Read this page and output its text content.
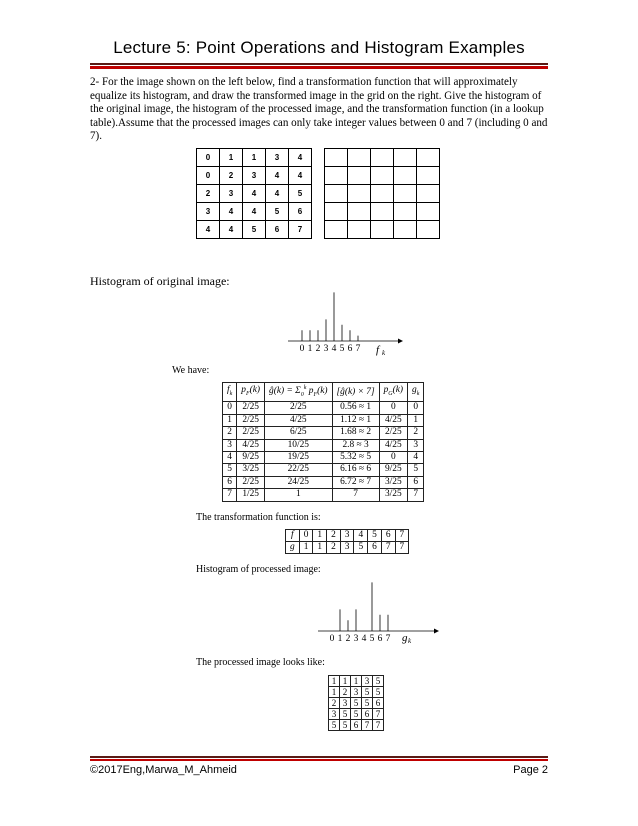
Lecture 5: Point Operations and Histogram Examples
2- For the image shown on the left below, find a transformation function that will approximately equalize its histogram, and draw the transformed image in the grid on the right. Give the histogram of the original image, the histogram of the processed image, and the transformation function (in a lookup table).Assume that the processed images can only take integer values between 0 and 7 (including 0 and 7).
0	1	1	3	4
0	2	3	4	4
2	3	4	4	5
3	4	4	5	6
4	4	5	6	7

Histogram of original image:
0 1 2 3 4 5 6 7 f k
We have:
$f_k$	$p_F(k)$	ĝ(k) = $\Sigma_0^k$ $p_F(k)$	[ĝ(k) × 7]	$p_G(k)$	$g_k$
0	2/25	2/25	0.56 ≈ 1	0	0
1	2/25	4/25	1.12 ≈ 1	4/25	1
2	2/25	6/25	1.68 ≈ 2	2/25	2
3	4/25	10/25	2.8 ≈ 3	4/25	3
4	9/25	19/25	5.32 ≈ 5	0	4
5	3/25	22/25	6.16 ≈ 6	9/25	5
6	2/25	24/25	6.72 ≈ 7	3/25	6
7	1/25	1	7	3/25	7
The transformation function is:
f	0	1	2	3	4	5	6	7
g	1	1	2	3	5	6	7	7
Histogram of processed image:
0 1 2 3 4 5 6 7 g k
The processed image looks like:
1	1	1	3	5
1	2	3	5	5
2	3	5	5	6
3	5	5	6	7
5	5	6	7	7
©2017Eng,Marwa_M_Ahmeid	Page 2
